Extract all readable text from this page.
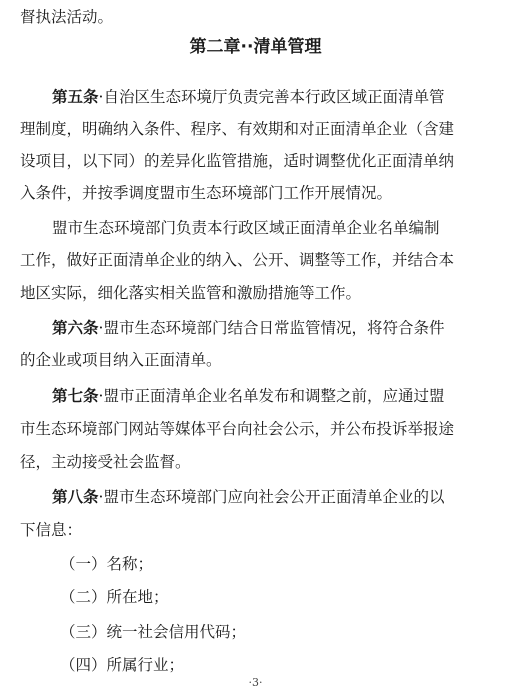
督执法活动。
第二章··清单管理
第五条·自治区生态环境厅负责完善本行政区域正面清单管
理制度，明确纳入条件、程序、有效期和对正面清单企业（含建
设项目，以下同）的差异化监管措施，适时调整优化正面清单纳
入条件，并按季调度盟市生态环境部门工作开展情况。
盟市生态环境部门负责本行政区域正面清单企业名单编制
工作，做好正面清单企业的纳入、公开、调整等工作，并结合本
地区实际，细化落实相关监管和激励措施等工作。
第六条·盟市生态环境部门结合日常监管情况，将符合条件
的企业或项目纳入正面清单。
第七条·盟市正面清单企业名单发布和调整之前，应通过盟
市生态环境部门网站等媒体平台向社会公示，并公布投诉举报途
径，主动接受社会监督。
第八条·盟市生态环境部门应向社会公开正面清单企业的以
下信息：
（一）名称；
（二）所在地；
（三）统一社会信用代码；
（四）所属行业；
·3·
